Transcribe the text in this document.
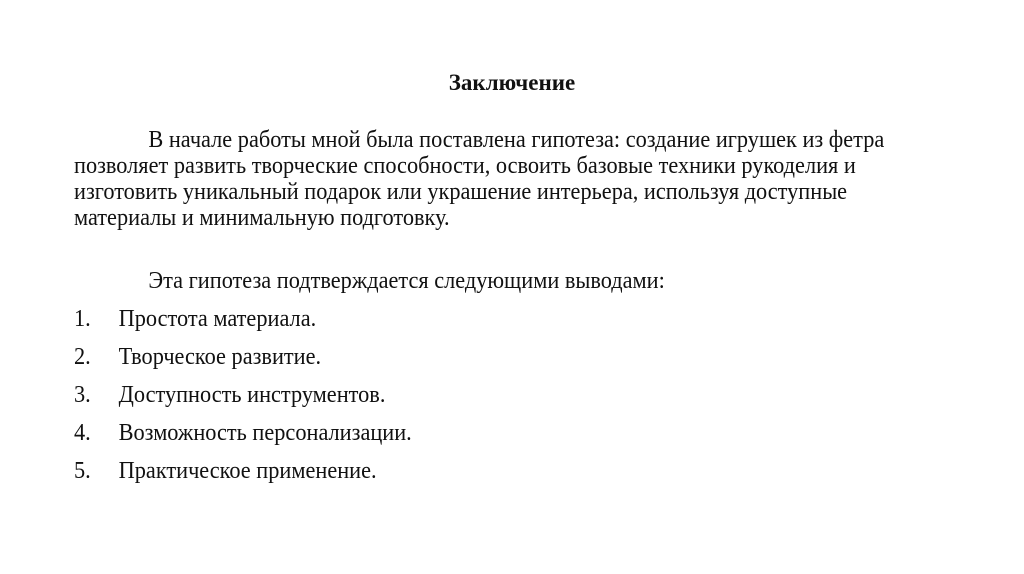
Заключение
В начале работы мной была поставлена гипотеза: создание игрушек из фетра позволяет развить творческие способности, освоить базовые техники рукоделия и изготовить уникальный подарок или украшение интерьера, используя доступные материалы и минимальную подготовку.
Эта гипотеза подтверждается следующими выводами:
1.	Простота материала.
2.	Творческое развитие.
3.	Доступность инструментов.
4.	Возможность персонализации.
5.	Практическое применение.
